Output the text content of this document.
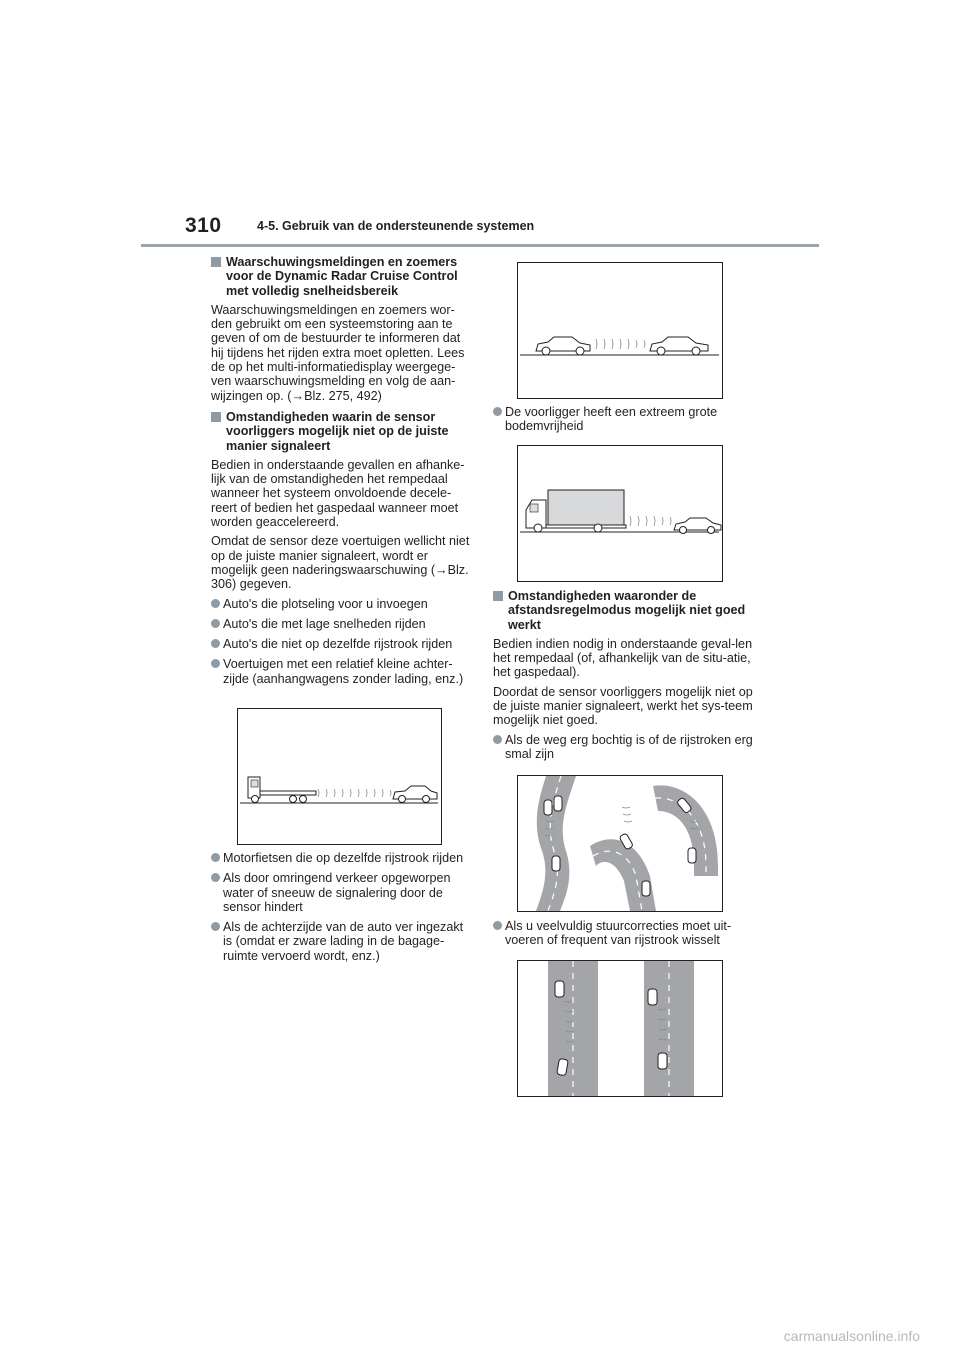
310	4-5. Gebruik van de ondersteunende systemen
Waarschuwingsmeldingen en zoemers voor de Dynamic Radar Cruise Control met volledig snelheidsbereik

Waarschuwingsmeldingen en zoemers wor-den gebruikt om een systeemstoring aan te geven of om de bestuurder te informeren dat hij tijdens het rijden extra moet opletten. Lees de op het multi-informatiedisplay weergege-ven waarschuwingsmelding en volg de aan-wijzingen op. (→Blz. 275, 492)

Omstandigheden waarin de sensor voorliggers mogelijk niet op de juiste manier signaleert

Bedien in onderstaande gevallen en afhanke-lijk van de omstandigheden het rempedaal wanneer het systeem onvoldoende decele-reert of bedien het gaspedaal wanneer moet worden geaccelereerd.

Omdat de sensor deze voertuigen wellicht niet op de juiste manier signaleert, wordt er mogelijk geen naderingswaarschuwing (→Blz. 306) gegeven.

Auto's die plotseling voor u invoegen
Auto's die met lage snelheden rijden
Auto's die niet op dezelfde rijstrook rijden
Voertuigen met een relatief kleine achter-zijde (aanhangwagens zonder lading, enz.)
Motorfietsen die op dezelfde rijstrook rijden
Als door omringend verkeer opgeworpen water of sneeuw de signalering door de sensor hindert
Als de achterzijde van de auto ver ingezakt is (omdat er zware lading in de bagage-ruimte vervoerd wordt, enz.)
De voorligger heeft een extreem grote bodemvrijheid
Omstandigheden waaronder de afstandsregelmodus mogelijk niet goed werkt

Bedien indien nodig in onderstaande geval-len het rempedaal (of, afhankelijk van de situ-atie, het gaspedaal).

Doordat de sensor voorliggers mogelijk niet op de juiste manier signaleert, werkt het sys-teem mogelijk niet goed.

Als de weg erg bochtig is of de rijstroken erg smal zijn
Als u veelvuldig stuurcorrecties moet uit-voeren of frequent van rijstrook wisselt
carmanualsonline.info
